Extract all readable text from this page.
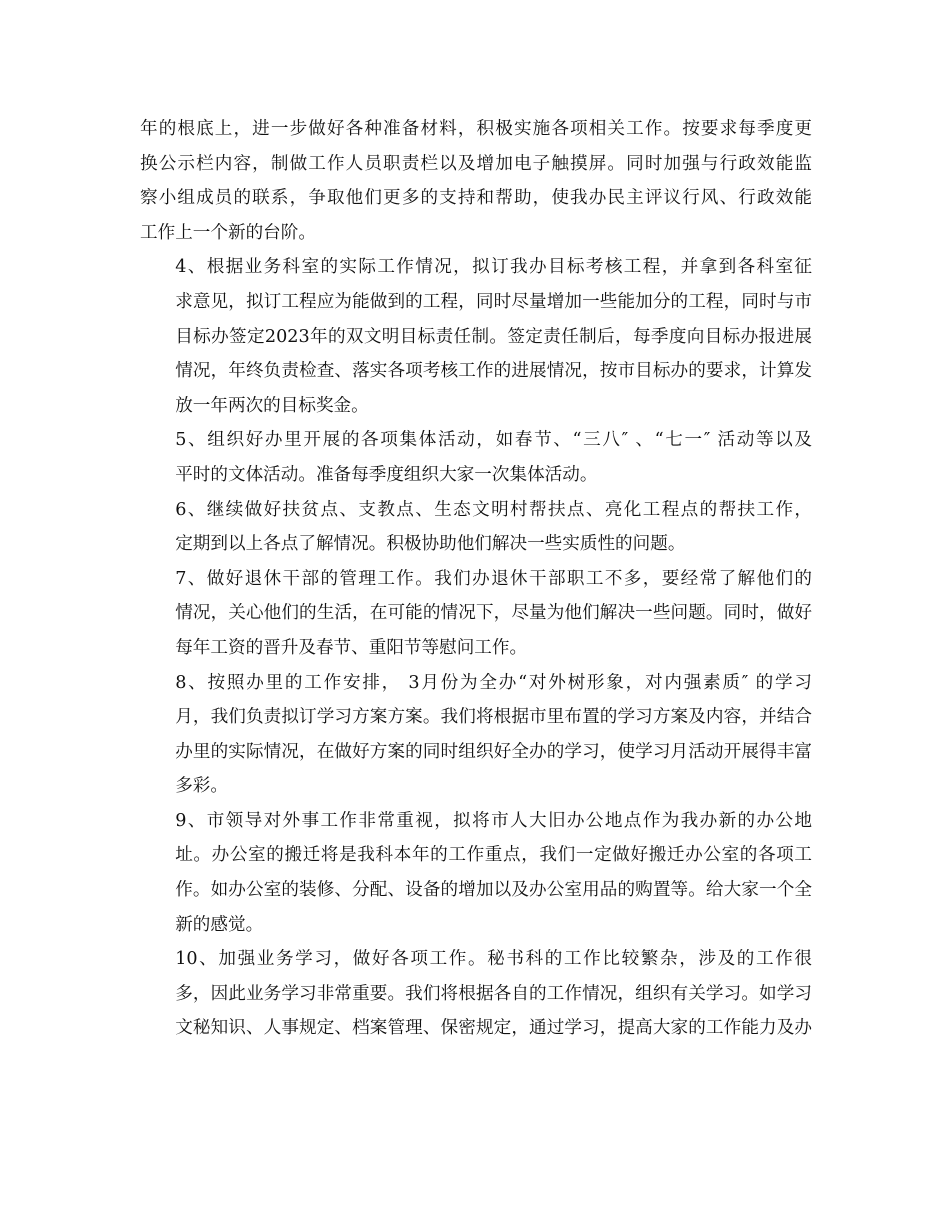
年的根底上，进一步做好各种准备材料，积极实施各项相关工作。按要求每季度更
换公示栏内容，制做工作人员职责栏以及增加电子触摸屏。同时加强与行政效能监
察小组成员的联系，争取他们更多的支持和帮助，使我办民主评议行风、行政效能
工作上一个新的台阶。

4、根据业务科室的实际工作情况，拟订我办目标考核工程，并拿到各科室征
求意见，拟订工程应为能做到的工程，同时尽量增加一些能加分的工程，同时与市
目标办签定2023年的双文明目标责任制。签定责任制后，每季度向目标办报进展
情况，年终负责检查、落实各项考核工作的进展情况，按市目标办的要求，计算发
放一年两次的目标奖金。

5、组织好办里开展的各项集体活动，如春节、“三八″ 、“七一″ 活动等以及
平时的文体活动。准备每季度组织大家一次集体活动。

6、继续做好扶贫点、支教点、生态文明村帮扶点、亮化工程点的帮扶工作，
定期到以上各点了解情况。积极协助他们解决一些实质性的问题。

7、做好退休干部的管理工作。我们办退休干部职工不多，要经常了解他们的
情况，关心他们的生活，在可能的情况下，尽量为他们解决一些问题。同时，做好
每年工资的晋升及春节、重阳节等慰问工作。

8、按照办里的工作安排， 3月份为全办“对外树形象，对内强素质″ 的学习
月，我们负责拟订学习方案方案。我们将根据市里布置的学习方案及内容，并结合
办里的实际情况，在做好方案的同时组织好全办的学习，使学习月活动开展得丰富
多彩。

9、市领导对外事工作非常重视，拟将市人大旧办公地点作为我办新的办公地
址。办公室的搬迁将是我科本年的工作重点，我们一定做好搬迁办公室的各项工
作。如办公室的装修、分配、设备的增加以及办公室用品的购置等。给大家一个全
新的感觉。

10、加强业务学习，做好各项工作。秘书科的工作比较繁杂，涉及的工作很
多，因此业务学习非常重要。我们将根据各自的工作情况，组织有关学习。如学习
文秘知识、人事规定、档案管理、保密规定，通过学习，提高大家的工作能力及办
